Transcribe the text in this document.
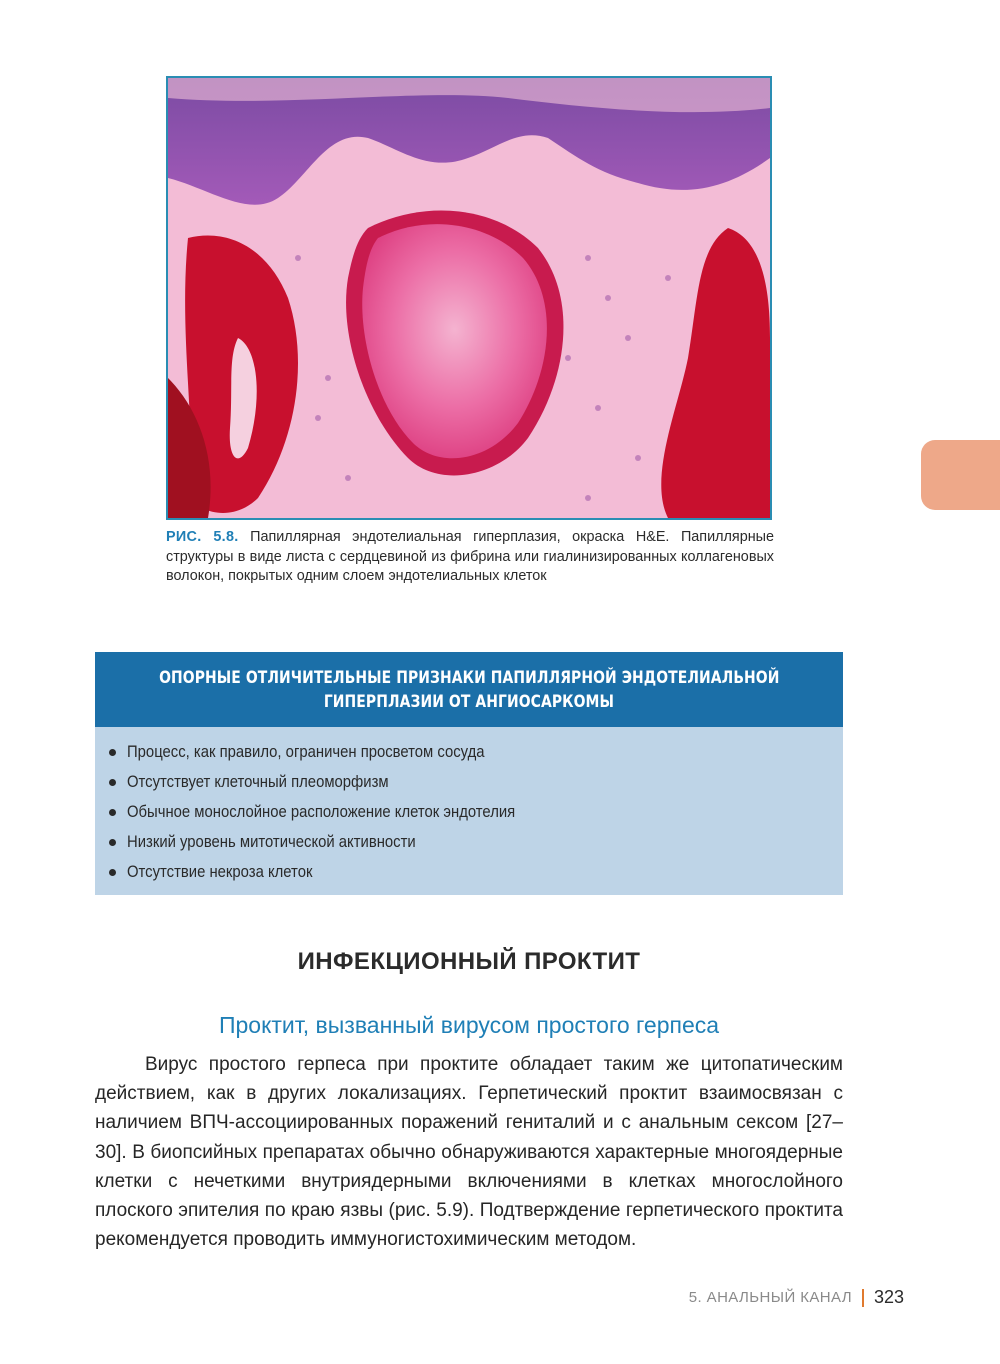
РИС. 5.8. Папиллярная эндотелиальная гиперплазия, окраска H&E. Папиллярные структуры в виде листа с сердцевиной из фибрина или гиалинизированных коллагеновых волокон, покрытых одним слоем эндотелиальных клеток
ОПОРНЫЕ ОТЛИЧИТЕЛЬНЫЕ ПРИЗНАКИ ПАПИЛЛЯРНОЙ ЭНДОТЕЛИАЛЬНОЙ
ГИПЕРПЛАЗИИ ОТ АНГИОСАРКОМЫ
Процесс, как правило, ограничен просветом сосуда
Отсутствует клеточный плеоморфизм
Обычное монослойное расположение клеток эндотелия
Низкий уровень митотической активности
Отсутствие некроза клеток
ИНФЕКЦИОННЫЙ ПРОКТИТ
Проктит, вызванный вирусом простого герпеса

Вирус простого герпеса при проктите обладает таким же цитопатическим действием, как в других локализациях. Герпетический проктит взаимосвязан с наличием ВПЧ-ассоциированных поражений гениталий и с анальным сексом [27–30]. В биопсийных препаратах обычно обнаруживаются характерные многоядерные клетки с нечеткими внутриядерными включениями в клетках многослойного плоского эпителия по краю язвы (рис. 5.9). Подтверждение герпетического проктита рекомендуется проводить иммуногистохимическим методом.

5. АНАЛЬНЫЙ КАНАЛ 323
